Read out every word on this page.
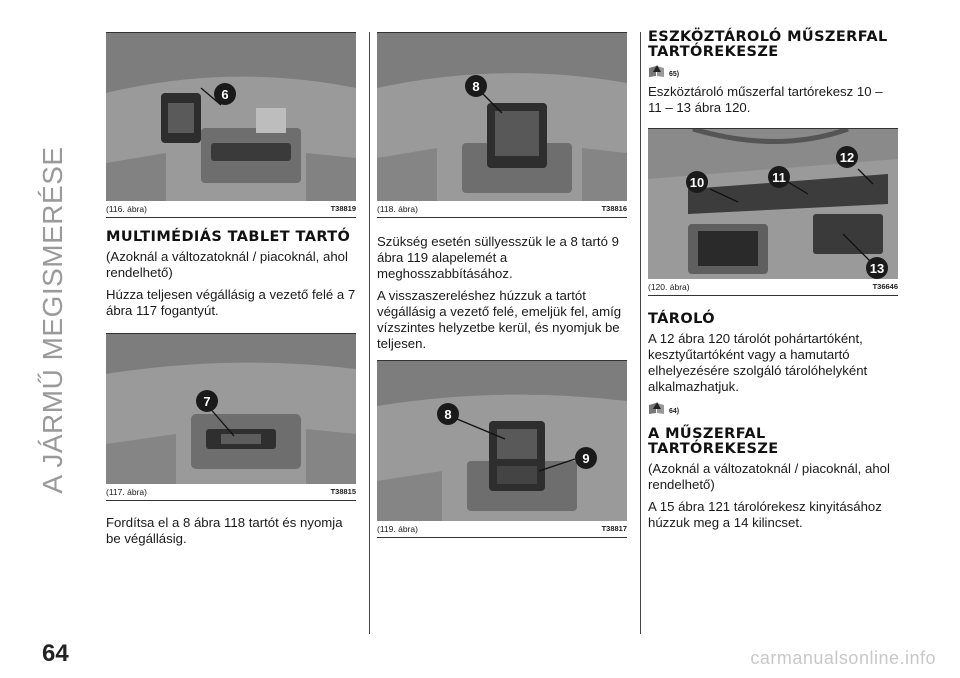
A JÁRMŰ MEGISMERÉSE
6
(116. ábra)	T38819
MULTIMÉDIÁS TABLET TARTÓ

(Azoknál a változatoknál / piacoknál, ahol rendelhető)

Húzza teljesen végállásig a vezető felé a 7 ábra 117 fogantyút.

7
(117. ábra)	T38815

Fordítsa el a 8 ábra 118 tartót és nyomja be végállásig.

8
(118. ábra)	T38816

Szükség esetén süllyesszük le a 8 tartó 9 ábra 119 alapelemét a meghosszabbításához.

A visszaszereléshez húzzuk a tartót végállásig a vezető felé, emeljük fel, amíg vízszintes helyzetbe kerül, és nyomjuk be teljesen.

8
9
(119. ábra)	T38817
ESZKÖZTÁROLÓ MŰSZERFAL TARTÓREKESZE
65)

Eszköztároló műszerfal tartórekesz 10 – 11 – 13 ábra 120.

10	11
12
13
(120. ábra)	T36646
TÁROLÓ

A 12 ábra 120 tárolót pohártartóként, kesztyűtartóként vagy a hamutartó elhelyezésére szolgáló tárolóhelyként alkalmazhatjuk.

64)
A MŰSZERFAL TARTÓREKESZE

(Azoknál a változatoknál / piacoknál, ahol rendelhető)

A 15 ábra 121 tárolórekesz kinyitásához húzzuk meg a 14 kilincset.

64	carmanualsonline.info
